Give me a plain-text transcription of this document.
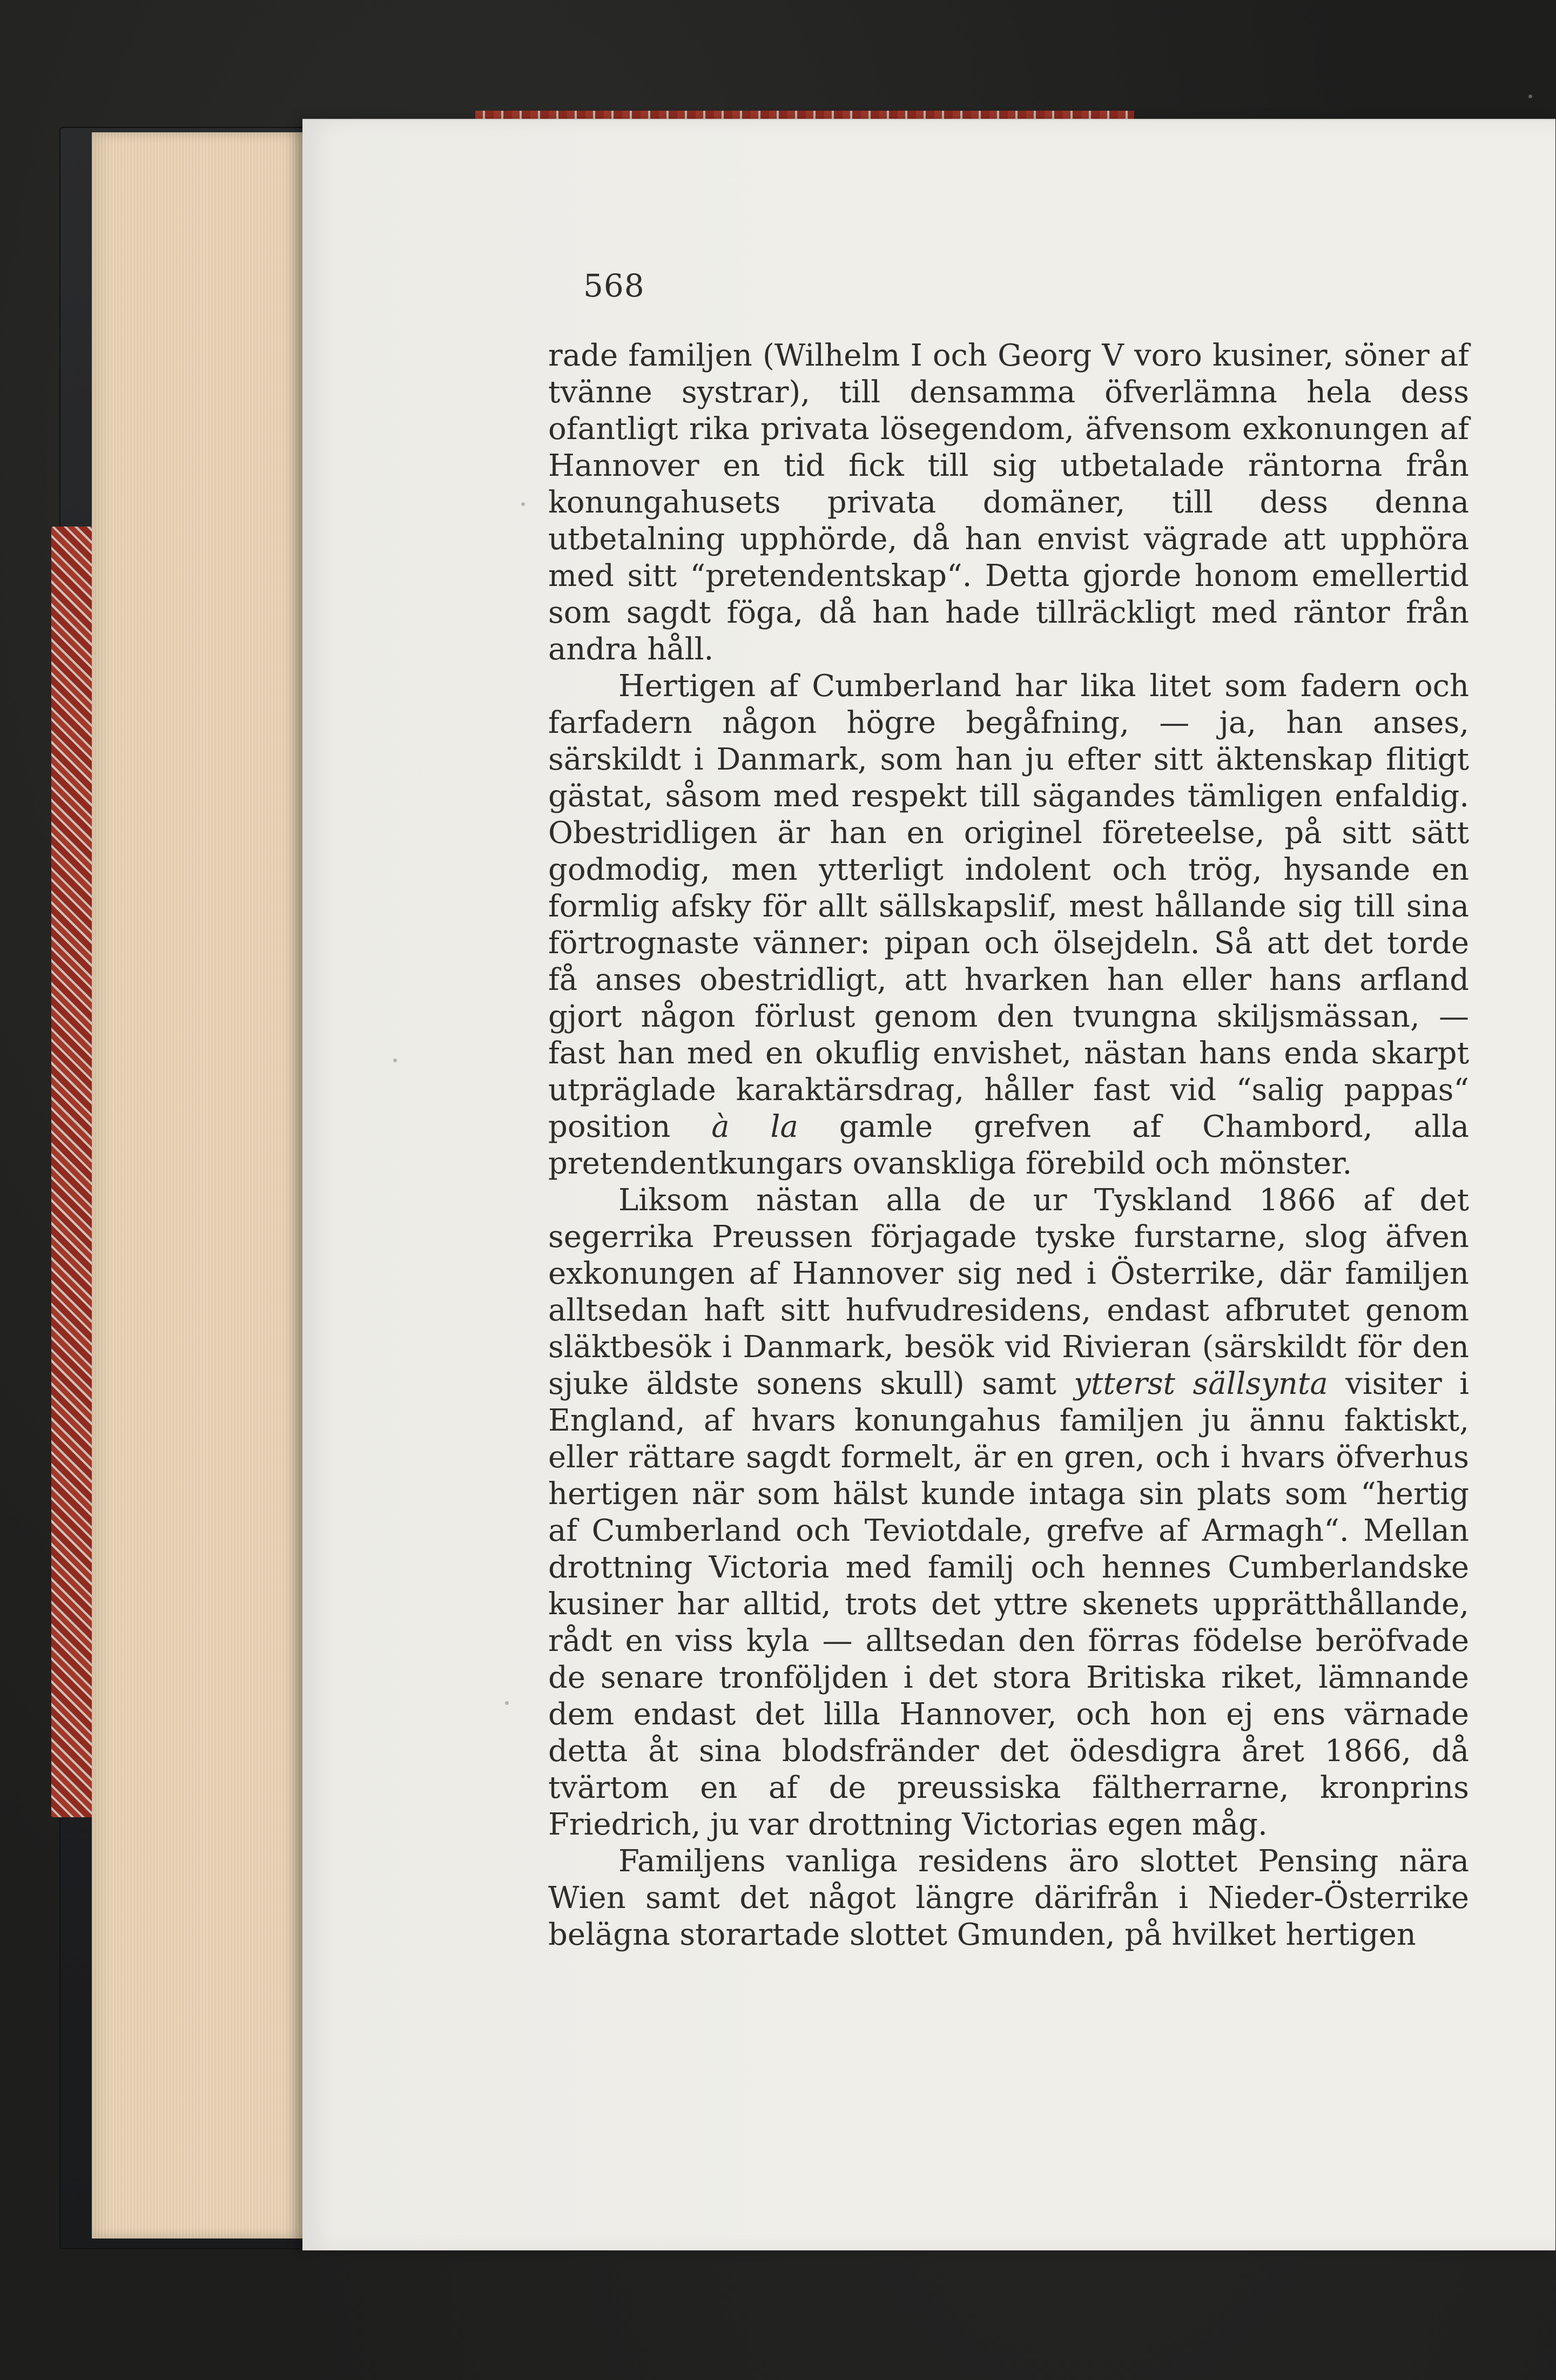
568

rade familjen (Wilhelm I och Georg V voro kusiner, söner af tvänne systrar), till densamma öfverlämna hela dess ofantligt rika privata lösegendom, äfvensom exkonungen af Hannover en tid fick till sig utbetalade räntorna från konungahusets privata domäner, till dess denna utbetalning upphörde, då han envist vägrade att upphöra med sitt “pretendentskap“. Detta gjorde honom emellertid som sagdt föga, då han hade tillräckligt med räntor från andra håll.

Hertigen af Cumberland har lika litet som fadern och farfadern någon högre begåfning, — ja, han anses, särskildt i Danmark, som han ju efter sitt äktenskap flitigt gästat, såsom med respekt till sägandes tämligen enfaldig. Obestridligen är han en originel företeelse, på sitt sätt godmodig, men ytterligt indolent och trög, hysande en formlig afsky för allt sällskapslif, mest hållande sig till sina förtrognaste vänner: pipan och ölsejdeln. Så att det torde få anses obestridligt, att hvarken han eller hans arfland gjort någon förlust genom den tvungna skiljsmässan, — fast han med en okuflig envishet, nästan hans enda skarpt utpräglade karaktärsdrag, håller fast vid “salig pappas“ position à la gamle grefven af Chambord, alla pretendentkungars ovanskliga förebild och mönster.

Liksom nästan alla de ur Tyskland 1866 af det segerrika Preussen förjagade tyske furstarne, slog äfven exkonungen af Hannover sig ned i Österrike, där familjen alltsedan haft sitt hufvudresidens, endast afbrutet genom släktbesök i Danmark, besök vid Rivieran (särskildt för den sjuke äldste sonens skull) samt ytterst sällsynta visiter i England, af hvars konungahus familjen ju ännu faktiskt, eller rättare sagdt formelt, är en gren, och i hvars öfverhus hertigen när som hälst kunde intaga sin plats som “hertig af Cumberland och Teviotdale, grefve af Armagh“. Mellan drottning Victoria med familj och hennes Cumberlandske kusiner har alltid, trots det yttre skenets upprätthållande, rådt en viss kyla — alltsedan den förras födelse beröfvade de senare tronföljden i det stora Britiska riket, lämnande dem endast det lilla Hannover, och hon ej ens värnade detta åt sina blodsfränder det ödesdigra året 1866, då tvärtom en af de preussiska fältherrarne, kronprins Friedrich, ju var drottning Victorias egen måg.

Familjens vanliga residens äro slottet Pensing nära Wien samt det något längre därifrån i Nieder-Österrike belägna storartade slottet Gmunden, på hvilket hertigen
